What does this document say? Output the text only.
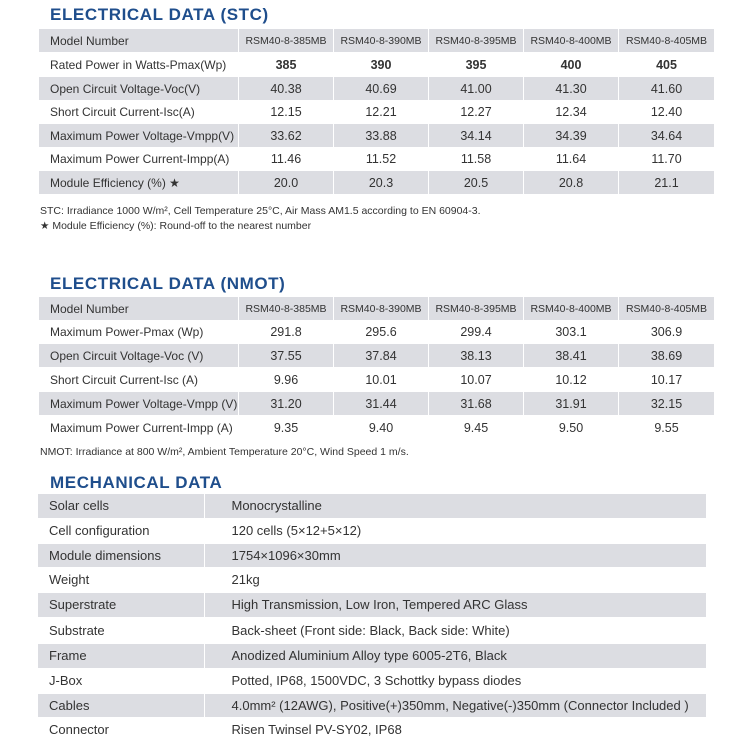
ELECTRICAL DATA (STC)
Model Number	RSM40-8-385MB	RSM40-8-390MB	RSM40-8-395MB	RSM40-8-400MB	RSM40-8-405MB
Rated Power in Watts-Pmax(Wp)	385	390	395	400	405
Open Circuit Voltage-Voc(V)	40.38	40.69	41.00	41.30	41.60
Short Circuit Current-Isc(A)	12.15	12.21	12.27	12.34	12.40
Maximum Power Voltage-Vmpp(V)	33.62	33.88	34.14	34.39	34.64
Maximum Power Current-Impp(A)	11.46	11.52	11.58	11.64	11.70
Module Efficiency (%) ★	20.0	20.3	20.5	20.8	21.1
STC: Irradiance 1000 W/m², Cell Temperature 25°C, Air Mass AM1.5 according to EN 60904-3.
★ Module Efficiency (%): Round-off to the nearest number
ELECTRICAL DATA (NMOT)
Model Number	RSM40-8-385MB	RSM40-8-390MB	RSM40-8-395MB	RSM40-8-400MB	RSM40-8-405MB
Maximum Power-Pmax (Wp)	291.8	295.6	299.4	303.1	306.9
Open Circuit Voltage-Voc (V)	37.55	37.84	38.13	38.41	38.69
Short Circuit Current-Isc (A)	9.96	10.01	10.07	10.12	10.17
Maximum Power Voltage-Vmpp (V)	31.20	31.44	31.68	31.91	32.15
Maximum Power Current-Impp (A)	9.35	9.40	9.45	9.50	9.55
NMOT: Irradiance at 800 W/m², Ambient Temperature 20°C, Wind Speed 1 m/s.
MECHANICAL DATA
Solar cells	Monocrystalline
Cell configuration	120 cells (5×12+5×12)
Module dimensions	1754×1096×30mm
Weight	21kg
Superstrate	High Transmission, Low Iron, Tempered ARC Glass
Substrate	Back-sheet (Front side: Black, Back side: White)
Frame	Anodized Aluminium Alloy type 6005-2T6, Black
J-Box	Potted, IP68, 1500VDC, 3 Schottky bypass diodes
Cables	4.0mm² (12AWG), Positive(+)350mm, Negative(-)350mm (Connector Included )
Connector	Risen Twinsel PV-SY02, IP68
